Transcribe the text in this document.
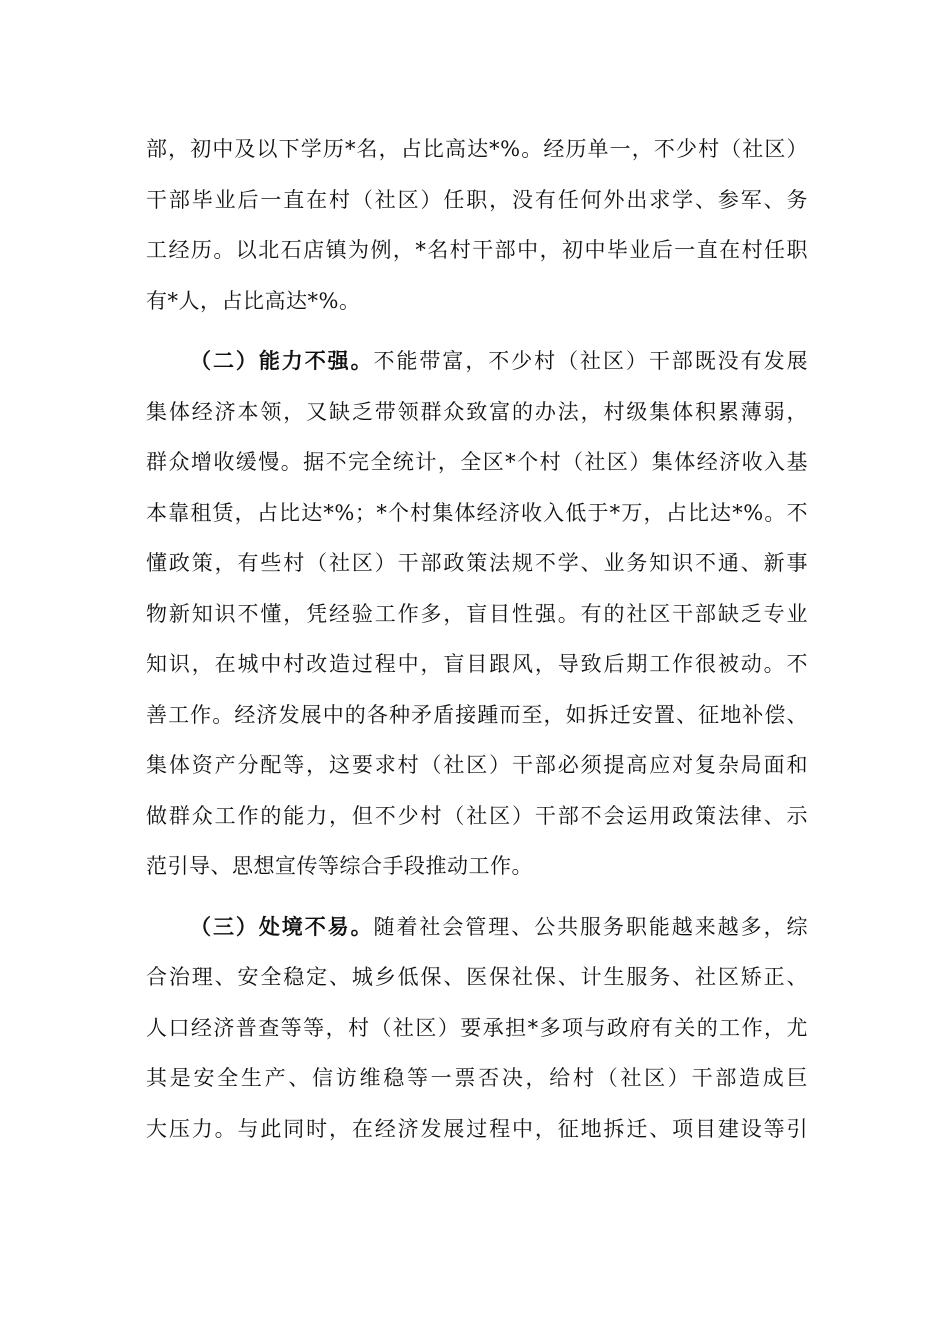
部，初中及以下学历*名，占比高达*%。经历单一，不少村（社区）
干部毕业后一直在村（社区）任职，没有任何外出求学、参军、务
工经历。以北石店镇为例，*名村干部中，初中毕业后一直在村任职
有*人，占比高达*%。
（二）能力不强。不能带富，不少村（社区）干部既没有发展
集体经济本领，又缺乏带领群众致富的办法，村级集体积累薄弱，
群众增收缓慢。据不完全统计，全区*个村（社区）集体经济收入基
本靠租赁，占比达*%；*个村集体经济收入低于*万，占比达*%。不
懂政策，有些村（社区）干部政策法规不学、业务知识不通、新事
物新知识不懂，凭经验工作多，盲目性强。有的社区干部缺乏专业
知识，在城中村改造过程中，盲目跟风，导致后期工作很被动。不
善工作。经济发展中的各种矛盾接踵而至，如拆迁安置、征地补偿、
集体资产分配等，这要求村（社区）干部必须提高应对复杂局面和
做群众工作的能力，但不少村（社区）干部不会运用政策法律、示
范引导、思想宣传等综合手段推动工作。
（三）处境不易。随着社会管理、公共服务职能越来越多，综
合治理、安全稳定、城乡低保、医保社保、计生服务、社区矫正、
人口经济普查等等，村（社区）要承担*多项与政府有关的工作，尤
其是安全生产、信访维稳等一票否决，给村（社区）干部造成巨
大压力。与此同时，在经济发展过程中，征地拆迁、项目建设等引
